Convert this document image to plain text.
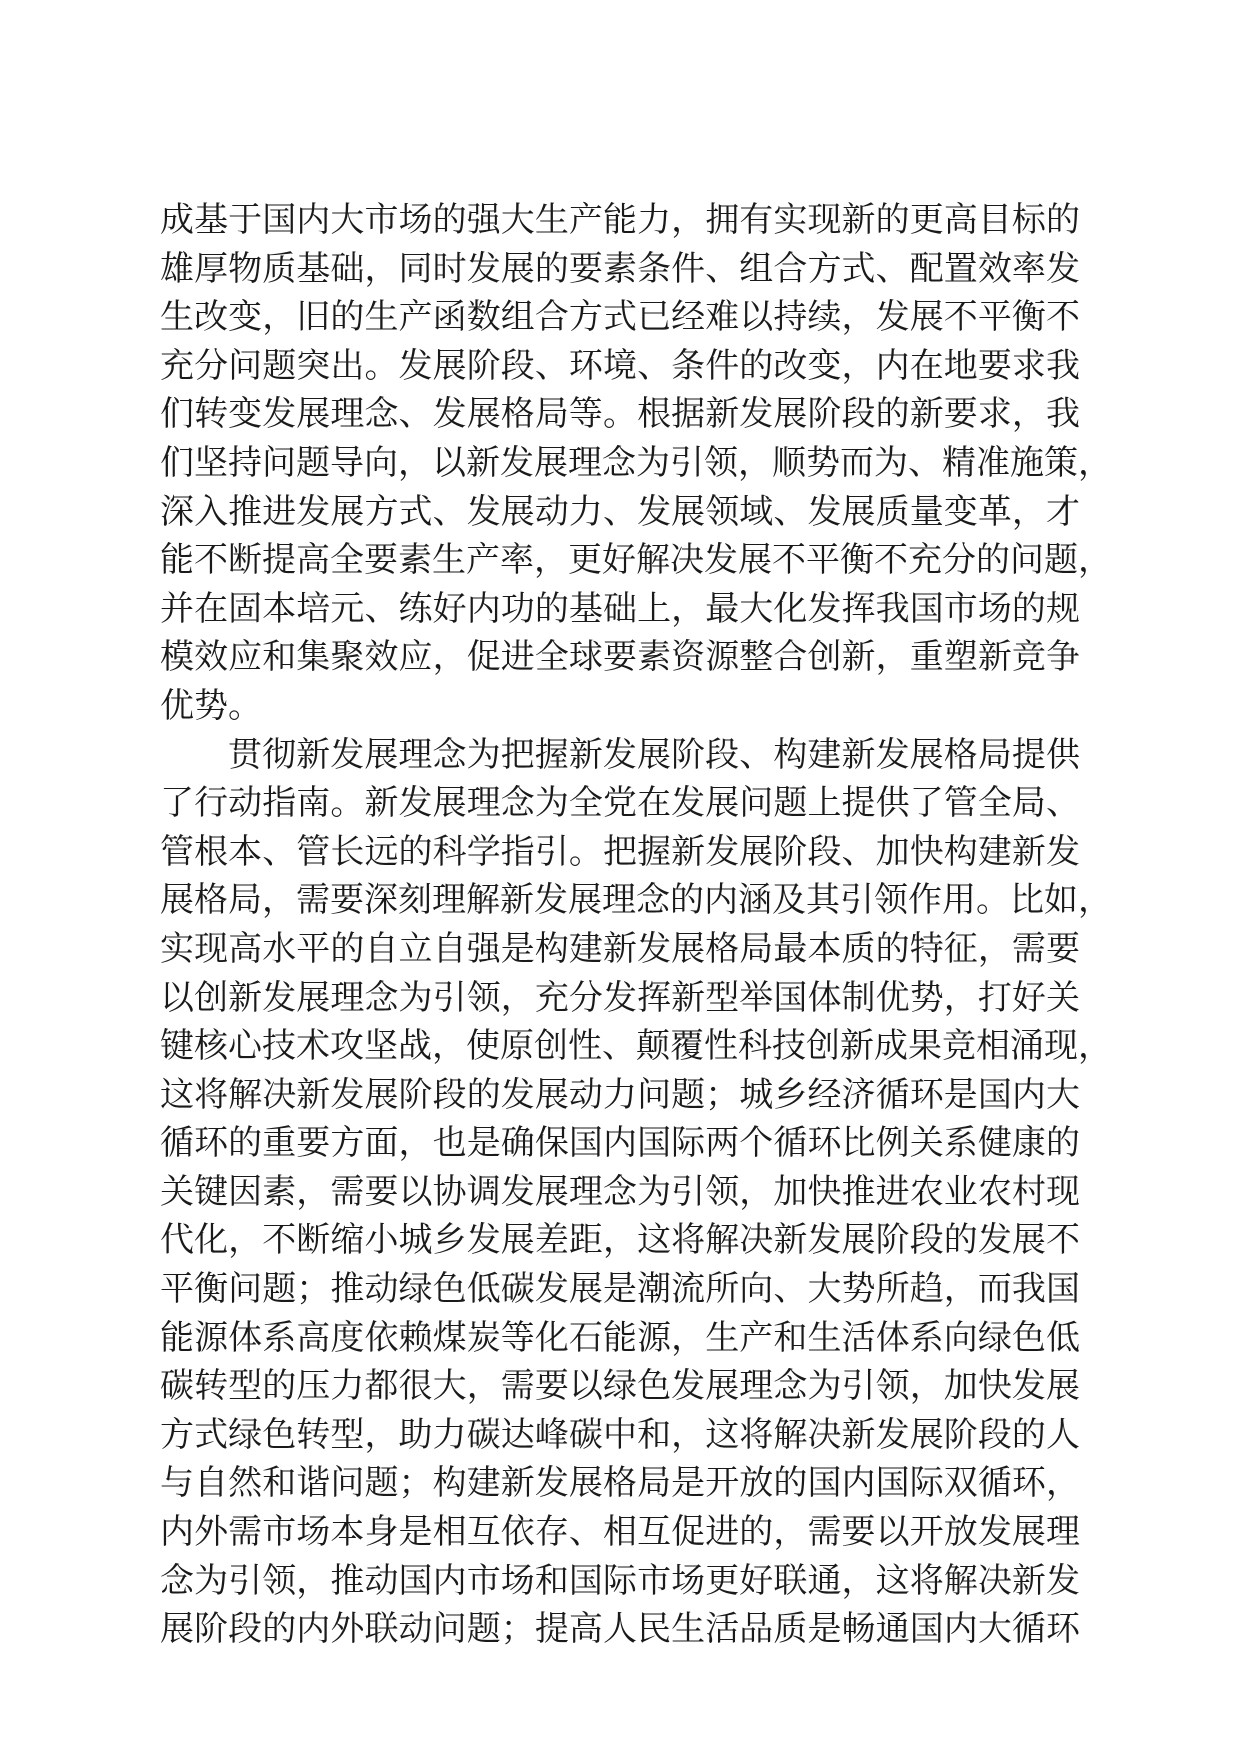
成基于国内大市场的强大生产能力，拥有实现新的更高目标的
雄厚物质基础，同时发展的要素条件、组合方式、配置效率发
生改变，旧的生产函数组合方式已经难以持续，发展不平衡不
充分问题突出。发展阶段、环境、条件的改变，内在地要求我
们转变发展理念、发展格局等。根据新发展阶段的新要求，我
们坚持问题导向，以新发展理念为引领，顺势而为、精准施策，
深入推进发展方式、发展动力、发展领域、发展质量变革，才
能不断提高全要素生产率，更好解决发展不平衡不充分的问题，
并在固本培元、练好内功的基础上，最大化发挥我国市场的规
模效应和集聚效应，促进全球要素资源整合创新，重塑新竞争
优势。
贯彻新发展理念为把握新发展阶段、构建新发展格局提供
了行动指南。新发展理念为全党在发展问题上提供了管全局、
管根本、管长远的科学指引。把握新发展阶段、加快构建新发
展格局，需要深刻理解新发展理念的内涵及其引领作用。比如，
实现高水平的自立自强是构建新发展格局最本质的特征，需要
以创新发展理念为引领，充分发挥新型举国体制优势，打好关
键核心技术攻坚战，使原创性、颠覆性科技创新成果竞相涌现，
这将解决新发展阶段的发展动力问题；城乡经济循环是国内大
循环的重要方面，也是确保国内国际两个循环比例关系健康的
关键因素，需要以协调发展理念为引领，加快推进农业农村现
代化，不断缩小城乡发展差距，这将解决新发展阶段的发展不
平衡问题；推动绿色低碳发展是潮流所向、大势所趋，而我国
能源体系高度依赖煤炭等化石能源，生产和生活体系向绿色低
碳转型的压力都很大，需要以绿色发展理念为引领，加快发展
方式绿色转型，助力碳达峰碳中和，这将解决新发展阶段的人
与自然和谐问题；构建新发展格局是开放的国内国际双循环，
内外需市场本身是相互依存、相互促进的，需要以开放发展理
念为引领，推动国内市场和国际市场更好联通，这将解决新发
展阶段的内外联动问题；提高人民生活品质是畅通国内大循环
